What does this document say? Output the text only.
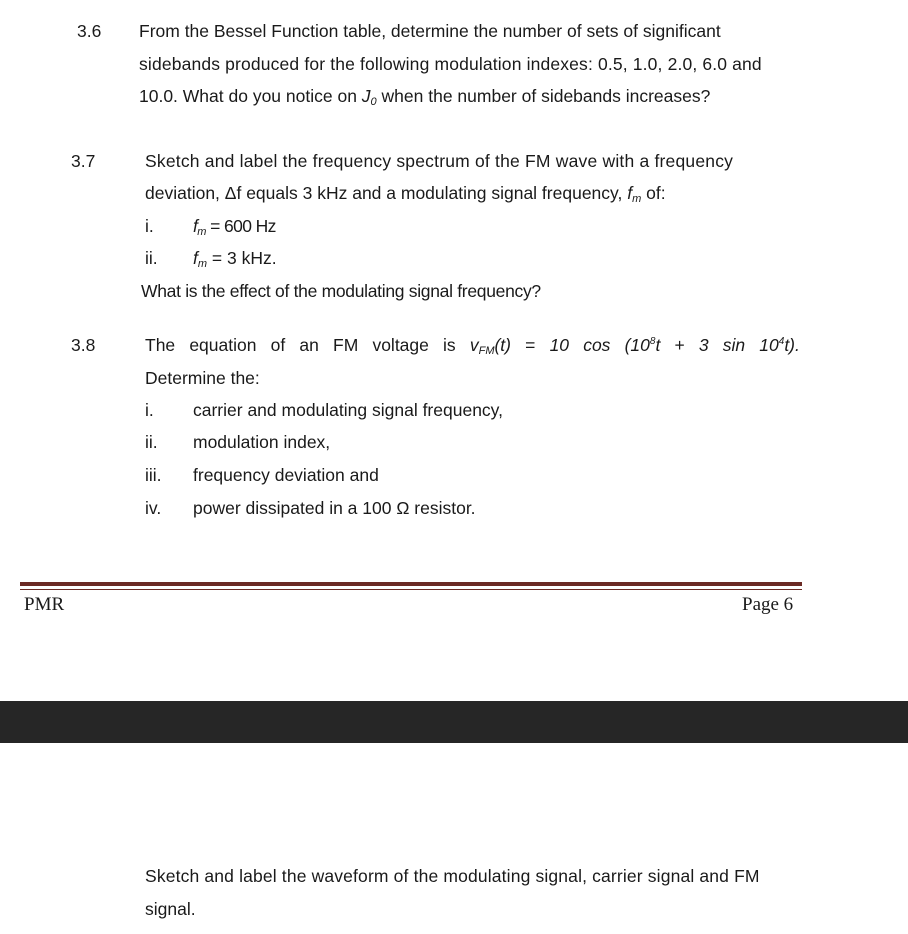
3.6 From the Bessel Function table, determine the number of sets of significant
sidebands produced for the following modulation indexes: 0.5, 1.0, 2.0, 6.0 and
10.0. What do you notice on $J_0$ when the number of sidebands increases?
3.7	Sketch and label the frequency spectrum of the FM wave with a frequency
deviation, Δf equals 3 kHz and a modulating signal frequency, $f_m$ of:
i. $f_m = 600$ Hz
ii. $f_m = 3$ kHz.
What is the effect of the modulating signal frequency?
3.8	The equation of an FM voltage is $v_{FM}(t) = 10$ $\cos (10^8t + 3$ $\sin 10^4t$).
Determine the:
i. carrier and modulating signal frequency,
ii. modulation index,
iii. frequency deviation and
iv. power dissipated in a 100 Ω resistor.
PMR	Page 6
Sketch and label the waveform of the modulating signal, carrier signal and FM
signal.
